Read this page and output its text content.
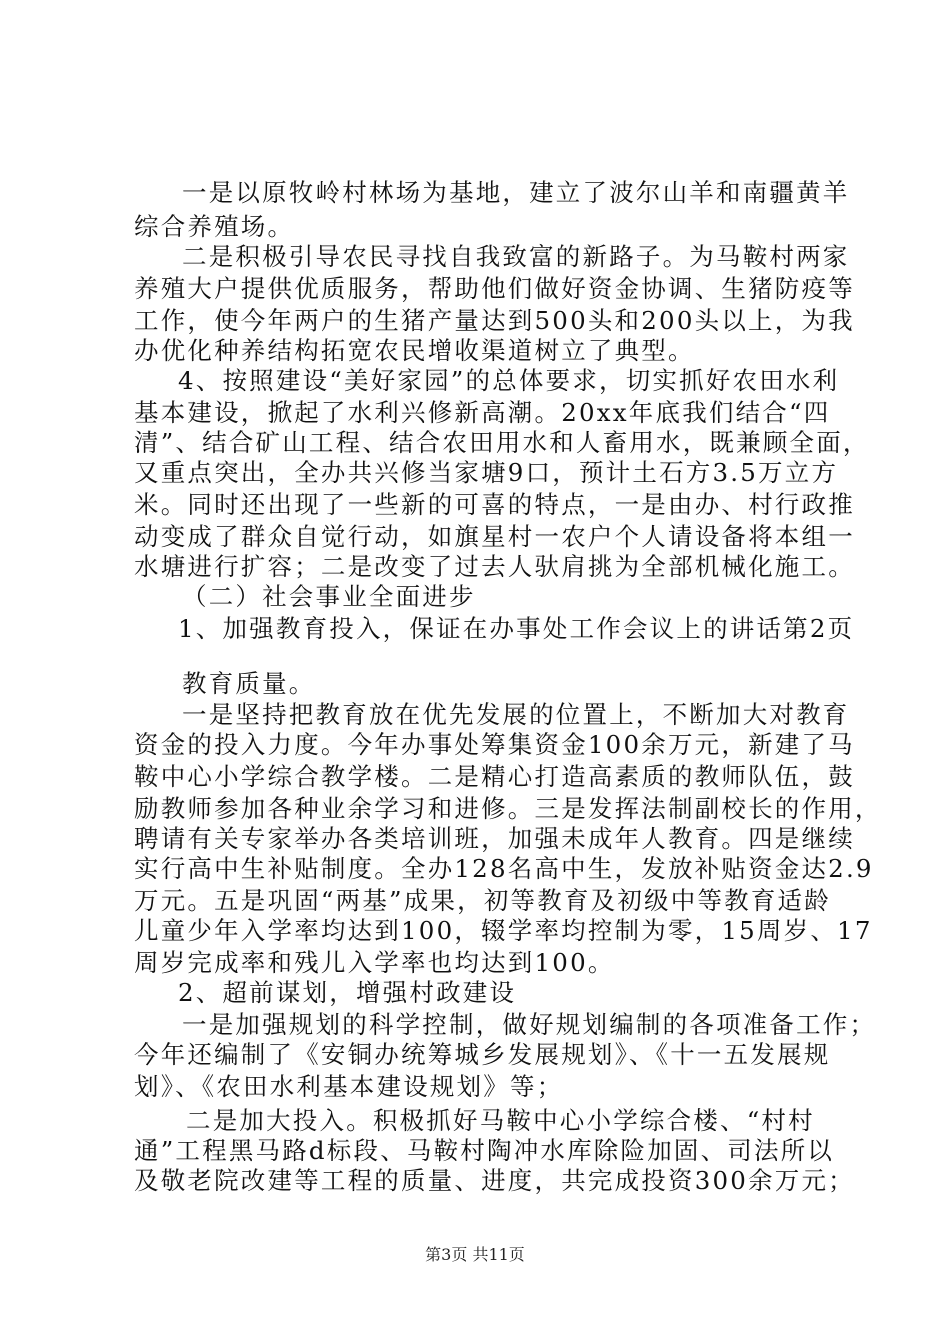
一是以原牧岭村林场为基地，建立了波尔山羊和南疆黄羊
综合养殖场。
二是积极引导农民寻找自我致富的新路子。为马鞍村两家
养殖大户提供优质服务，帮助他们做好资金协调、生猪防疫等
工作，使今年两户的生猪产量达到500头和200头以上，为我
办优化种养结构拓宽农民增收渠道树立了典型。
4、按照建设“美好家园”的总体要求，切实抓好农田水利
基本建设，掀起了水利兴修新高潮。20xx年底我们结合“四
清”、结合矿山工程、结合农田用水和人畜用水，既兼顾全面，
又重点突出，全办共兴修当家塘9口，预计土石方3.5万立方
米。同时还出现了一些新的可喜的特点，一是由办、村行政推
动变成了群众自觉行动，如旗星村一农户个人请设备将本组一
水塘进行扩容；二是改变了过去人驮肩挑为全部机械化施工。
（二）社会事业全面进步
1、加强教育投入，保证在办事处工作会议上的讲话第2页
教育质量。
一是坚持把教育放在优先发展的位置上，不断加大对教育
资金的投入力度。今年办事处筹集资金100余万元，新建了马
鞍中心小学综合教学楼。二是精心打造高素质的教师队伍，鼓
励教师参加各种业余学习和进修。三是发挥法制副校长的作用，
聘请有关专家举办各类培训班，加强未成年人教育。四是继续
实行高中生补贴制度。全办128名高中生，发放补贴资金达2.9
万元。五是巩固“两基”成果，初等教育及初级中等教育适龄
儿童少年入学率均达到100，辍学率均控制为零，15周岁、17
周岁完成率和残儿入学率也均达到100。
2、超前谋划，增强村政建设
一是加强规划的科学控制，做好规划编制的各项准备工作；
今年还编制了《安铜办统筹城乡发展规划》、《十一五发展规
划》、《农田水利基本建设规划》等；
二是加大投入。积极抓好马鞍中心小学综合楼、“村村
通”工程黑马路d标段、马鞍村陶冲水库除险加固、司法所以
及敬老院改建等工程的质量、进度，共完成投资300余万元；
第3页 共11页
